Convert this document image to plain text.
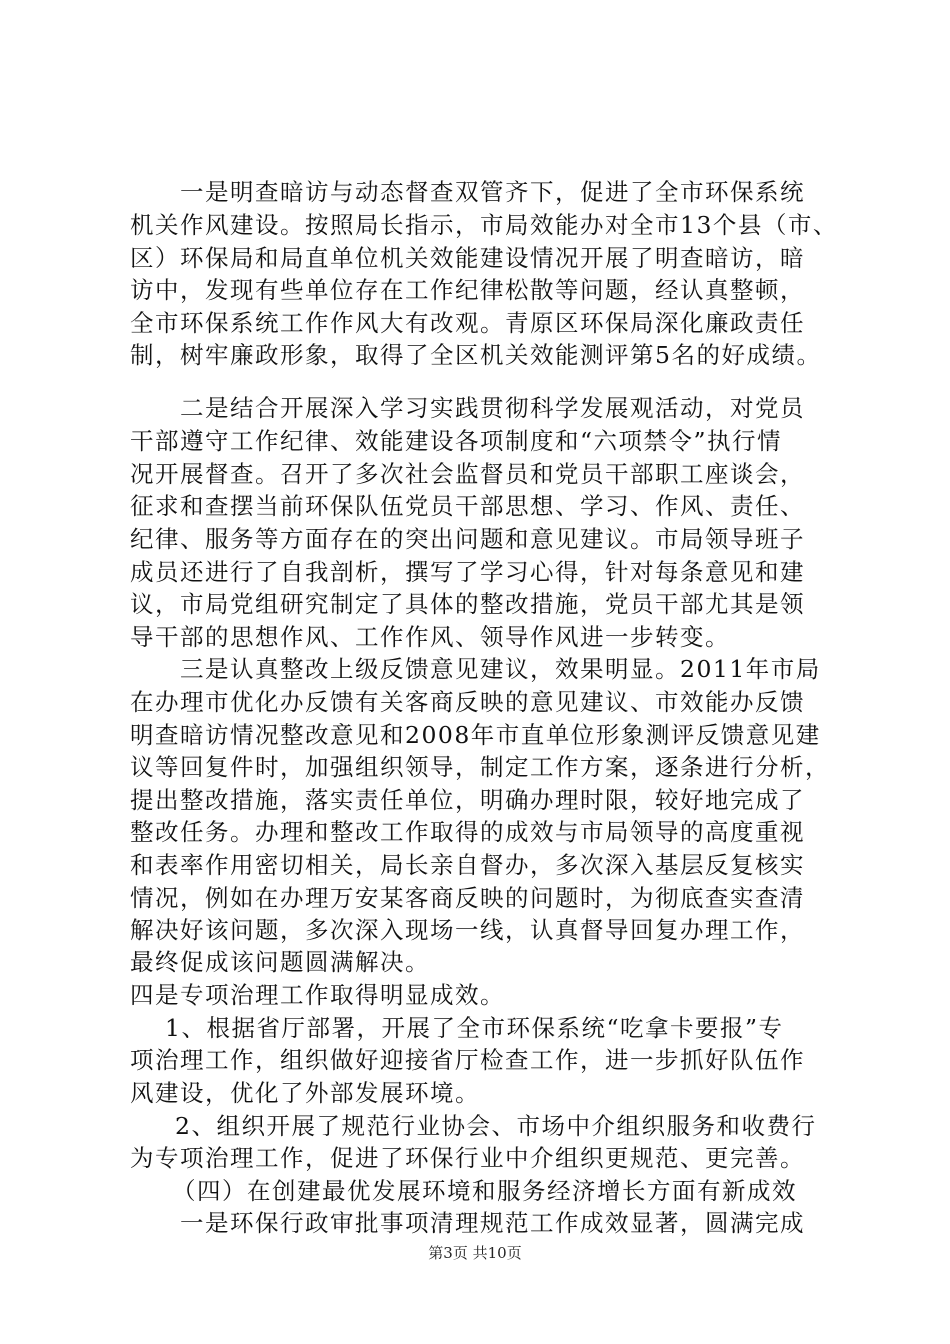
一是明查暗访与动态督查双管齐下，促进了全市环保系统
机关作风建设。按照局长指示，市局效能办对全市13个县（市、
区）环保局和局直单位机关效能建设情况开展了明查暗访，暗
访中，发现有些单位存在工作纪律松散等问题，经认真整顿，
全市环保系统工作作风大有改观。青原区环保局深化廉政责任
制，树牢廉政形象，取得了全区机关效能测评第5名的好成绩。
二是结合开展深入学习实践贯彻科学发展观活动，对党员
干部遵守工作纪律、效能建设各项制度和“六项禁令”执行情
况开展督查。召开了多次社会监督员和党员干部职工座谈会，
征求和查摆当前环保队伍党员干部思想、学习、作风、责任、
纪律、服务等方面存在的突出问题和意见建议。市局领导班子
成员还进行了自我剖析，撰写了学习心得，针对每条意见和建
议，市局党组研究制定了具体的整改措施，党员干部尤其是领
导干部的思想作风、工作作风、领导作风进一步转变。
三是认真整改上级反馈意见建议，效果明显。2011年市局
在办理市优化办反馈有关客商反映的意见建议、市效能办反馈
明查暗访情况整改意见和2008年市直单位形象测评反馈意见建
议等回复件时，加强组织领导，制定工作方案，逐条进行分析，
提出整改措施，落实责任单位，明确办理时限，较好地完成了
整改任务。办理和整改工作取得的成效与市局领导的高度重视
和表率作用密切相关，局长亲自督办，多次深入基层反复核实
情况，例如在办理万安某客商反映的问题时，为彻底查实查清
解决好该问题，多次深入现场一线，认真督导回复办理工作，
最终促成该问题圆满解决。
四是专项治理工作取得明显成效。
1、根据省厅部署，开展了全市环保系统“吃拿卡要报”专
项治理工作，组织做好迎接省厅检查工作，进一步抓好队伍作
风建设，优化了外部发展环境。
2、组织开展了规范行业协会、市场中介组织服务和收费行
为专项治理工作，促进了环保行业中介组织更规范、更完善。
（四）在创建最优发展环境和服务经济增长方面有新成效
一是环保行政审批事项清理规范工作成效显著，圆满完成
第3页 共10页
